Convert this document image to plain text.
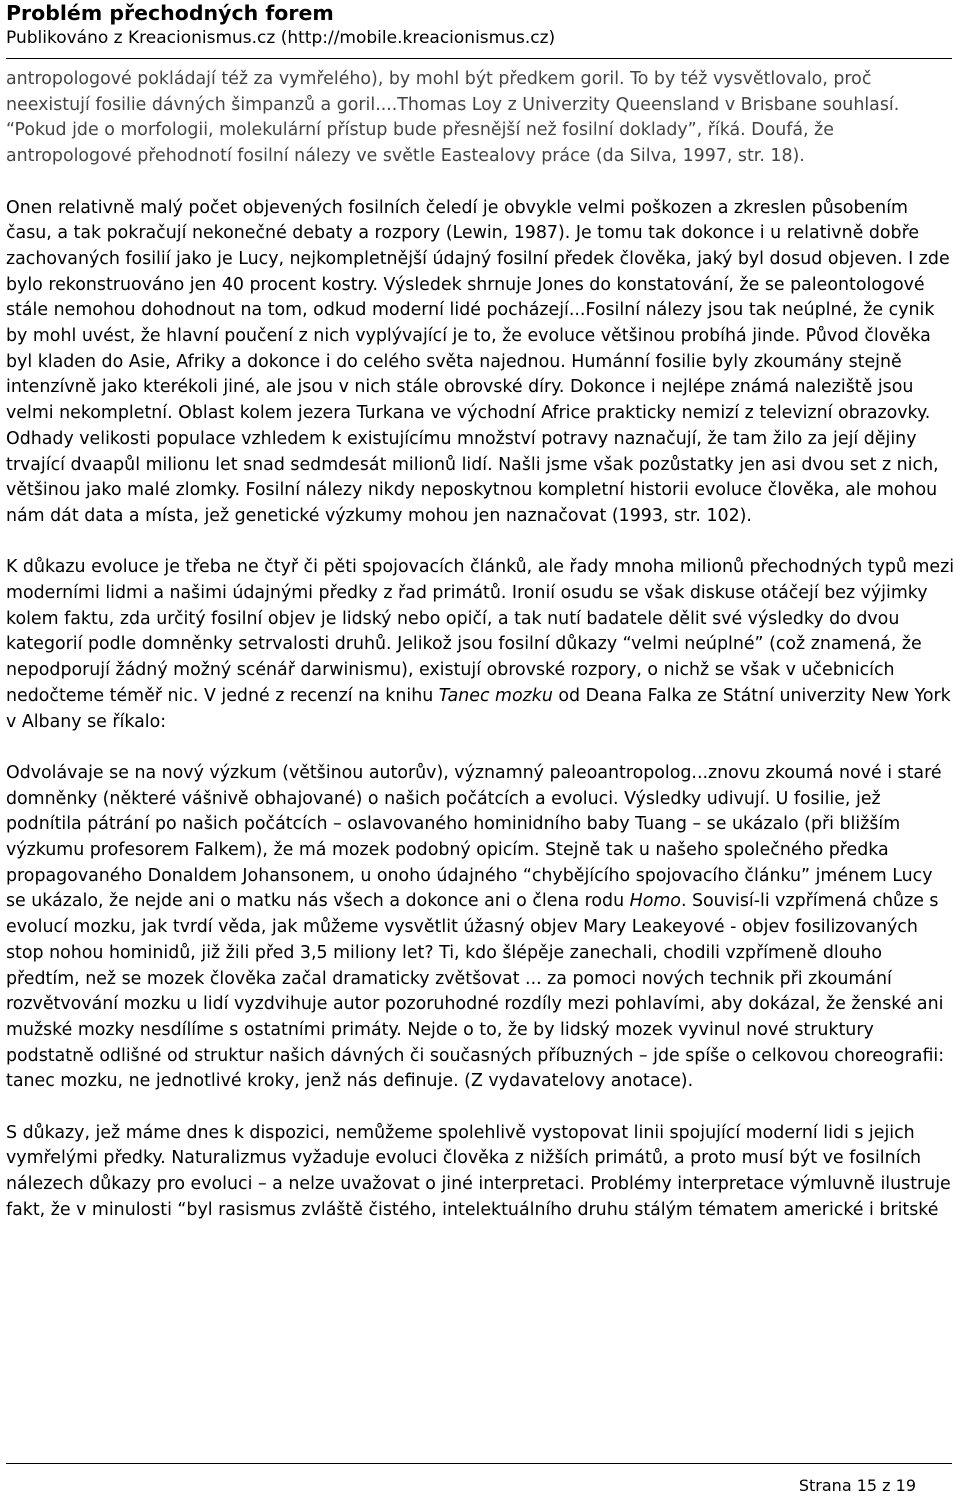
Problém přechodných forem

Publikováno z Kreacionismus.cz (http://mobile.kreacionismus.cz)

antropologové pokládají též za vymřelého), by mohl být předkem goril. To by též vysvětlovalo, proč neexistují fosilie dávných šimpanzů a goril....Thomas Loy z Univerzity Queensland v Brisbane souhlasí. “Pokud jde o morfologii, molekulární přístup bude přesnější než fosilní doklady”, říká. Doufá, že antropologové přehodnotí fosilní nálezy ve světle Eastealovy práce (da Silva, 1997, str. 18).

Onen relativně malý počet objevených fosilních čeledí je obvykle velmi poškozen a zkreslen působením času, a tak pokračují nekonečné debaty a rozpory (Lewin, 1987). Je tomu tak dokonce i u relativně dobře zachovaných fosilií jako je Lucy, nejkompletnější údajný fosilní předek člověka, jaký byl dosud objeven. I zde bylo rekonstruováno jen 40 procent kostry. Výsledek shrnuje Jones do konstatování, že se paleontologové stále nemohou dohodnout na tom, odkud moderní lidé pocházejí...Fosilní nálezy jsou tak neúplné, že cynik by mohl uvést, že hlavní poučení z nich vyplývající je to, že evoluce většinou probíhá jinde. Původ člověka byl kladen do Asie, Afriky a dokonce i do celého světa najednou. Humánní fosilie byly zkoumány stejně intenzívně jako kterékoli jiné, ale jsou v nich stále obrovské díry. Dokonce i nejlépe známá naleziště jsou velmi nekompletní. Oblast kolem jezera Turkana ve východní Africe prakticky nemizí z televizní obrazovky. Odhady velikosti populace vzhledem k existujícímu množství potravy naznačují, že tam žilo za její dějiny trvající dvaapůl milionu let snad sedmdesát milionů lidí. Našli jsme však pozůstatky jen asi dvou set z nich, většinou jako malé zlomky. Fosilní nálezy nikdy neposkytnou kompletní historii evoluce člověka, ale mohou nám dát data a místa, jež genetické výzkumy mohou jen naznačovat (1993, str. 102).

K důkazu evoluce je třeba ne čtyř či pěti spojovacích článků, ale řady mnoha milionů přechodných typů mezi moderními lidmi a našimi údajnými předky z řad primátů. Ironií osudu se však diskuse otáčejí bez výjimky kolem faktu, zda určitý fosilní objev je lidský nebo opičí, a tak nutí badatele dělit své výsledky do dvou kategorií podle domněnky setrvalosti druhů. Jelikož jsou fosilní důkazy “velmi neúplné” (což znamená, že nepodporují žádný možný scénář darwinismu), existují obrovské rozpory, o nichž se však v učebnicích nedočteme téměř nic. V jedné z recenzí na knihu Tanec mozku od Deana Falka ze Státní univerzity New York v Albany se říkalo:

Odvolávaje se na nový výzkum (většinou autorův), významný paleoantropolog...znovu zkoumá nové i staré domněnky (některé vášnivě obhajované) o našich počátcích a evoluci. Výsledky udivují. U fosilie, jež podnítila pátrání po našich počátcích – oslavovaného hominidního baby Tuang – se ukázalo (při bližším výzkumu profesorem Falkem), že má mozek podobný opicím. Stejně tak u našeho společného předka propagovaného Donaldem Johansonem, u onoho údajného “chybějícího spojovacího článku” jménem Lucy se ukázalo, že nejde ani o matku nás všech a dokonce ani o člena rodu Homo. Souvisí-li vzpřímená chůze s evolucí mozku, jak tvrdí věda, jak můžeme vysvětlit úžasný objev Mary Leakeyové - objev fosilizovaných stop nohou hominidů, již žili před 3,5 miliony let? Ti, kdo šlépěje zanechali, chodili vzpřímeně dlouho předtím, než se mozek člověka začal dramaticky zvětšovat ... za pomoci nových technik při zkoumání rozvětvování mozku u lidí vyzdvihuje autor pozoruhodné rozdíly mezi pohlavími, aby dokázal, že ženské ani mužské mozky nesdílíme s ostatními primáty. Nejde o to, že by lidský mozek vyvinul nové struktury podstatně odlišné od struktur našich dávných či současných příbuzných – jde spíše o celkovou choreografii: tanec mozku, ne jednotlivé kroky, jenž nás definuje. (Z vydavatelovy anotace).

S důkazy, jež máme dnes k dispozici, nemůžeme spolehlivě vystopovat linii spojující moderní lidi s jejich vymřelými předky. Naturalizmus vyžaduje evoluci člověka z nižších primátů, a proto musí být ve fosilních nálezech důkazy pro evoluci – a nelze uvažovat o jiné interpretaci. Problémy interpretace výmluvně ilustruje fakt, že v minulosti “byl rasismus zvláště čistého, intelektuálního druhu stálým tématem americké i britské

Strana 15 z 19
